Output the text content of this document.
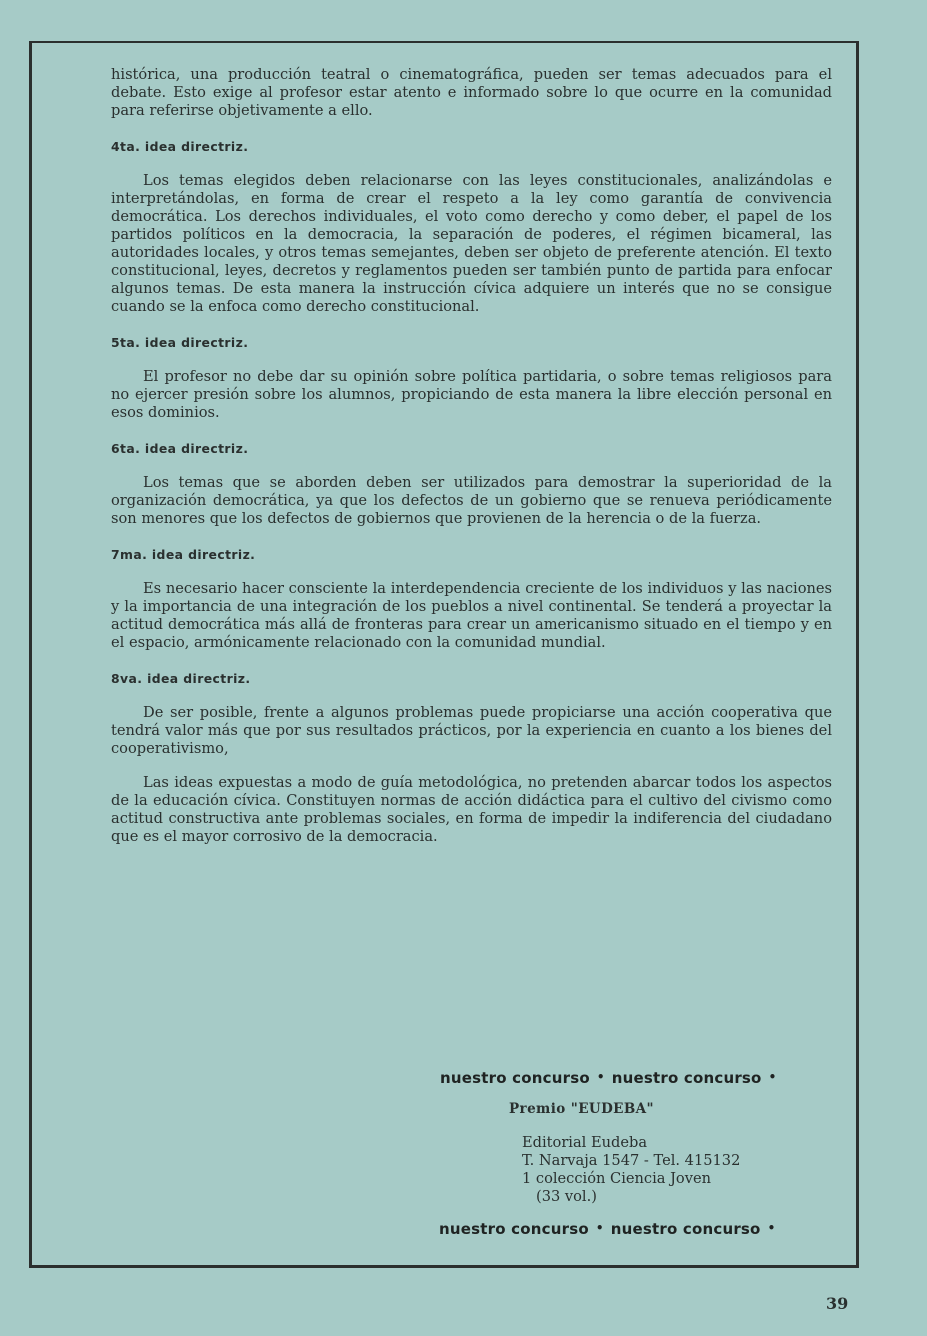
histórica, una producción teatral o cinematográfica, pueden ser temas adecuados para el debate. Esto exige al profesor estar atento e informado sobre lo que ocurre en la comunidad para referirse objetivamente a ello.

4ta. idea directriz.

Los temas elegidos deben relacionarse con las leyes constitucionales, analizándolas e interpretándolas, en forma de crear el respeto a la ley como garantía de convivencia democrática. Los derechos individuales, el voto como derecho y como deber, el papel de los partidos políticos en la democracia, la separación de poderes, el régimen bicameral, las autoridades locales, y otros temas semejantes, deben ser objeto de preferente atención. El texto constitucional, leyes, decretos y reglamentos pueden ser también punto de partida para enfocar algunos temas. De esta manera la instrucción cívica adquiere un interés que no se consigue cuando se la enfoca como derecho constitucional.

5ta. idea directriz.

El profesor no debe dar su opinión sobre política partidaria, o sobre temas religiosos para no ejercer presión sobre los alumnos, propiciando de esta manera la libre elección personal en esos dominios.

6ta. idea directriz.

Los temas que se aborden deben ser utilizados para demostrar la superioridad de la organización democrática, ya que los defectos de un gobierno que se renueva periódicamente son menores que los defectos de gobiernos que provienen de la herencia o de la fuerza.

7ma. idea directriz.

Es necesario hacer consciente la interdependencia creciente de los individuos y las naciones y la importancia de una integración de los pueblos a nivel continental. Se tenderá a proyectar la actitud democrática más allá de fronteras para crear un americanismo situado en el tiempo y en el espacio, armónicamente relacionado con la comunidad mundial.

8va. idea directriz.

De ser posible, frente a algunos problemas puede propiciarse una acción cooperativa que tendrá valor más que por sus resultados prácticos, por la experiencia en cuanto a los bienes del cooperativismo,

Las ideas expuestas a modo de guía metodológica, no pretenden abarcar todos los aspectos de la educación cívica. Constituyen normas de acción didáctica para el cultivo del civismo como actitud constructiva ante problemas sociales, en forma de impedir la indiferencia del ciudadano que es el mayor corrosivo de la democracia.

nuestro concurso • nuestro concurso •
Premio "EUDEBA"
Editorial Eudeba
T. Narvaja 1547 - Tel. 415132
1 colección Ciencia Joven
(33 vol.)
nuestro concurso • nuestro concurso •
39
